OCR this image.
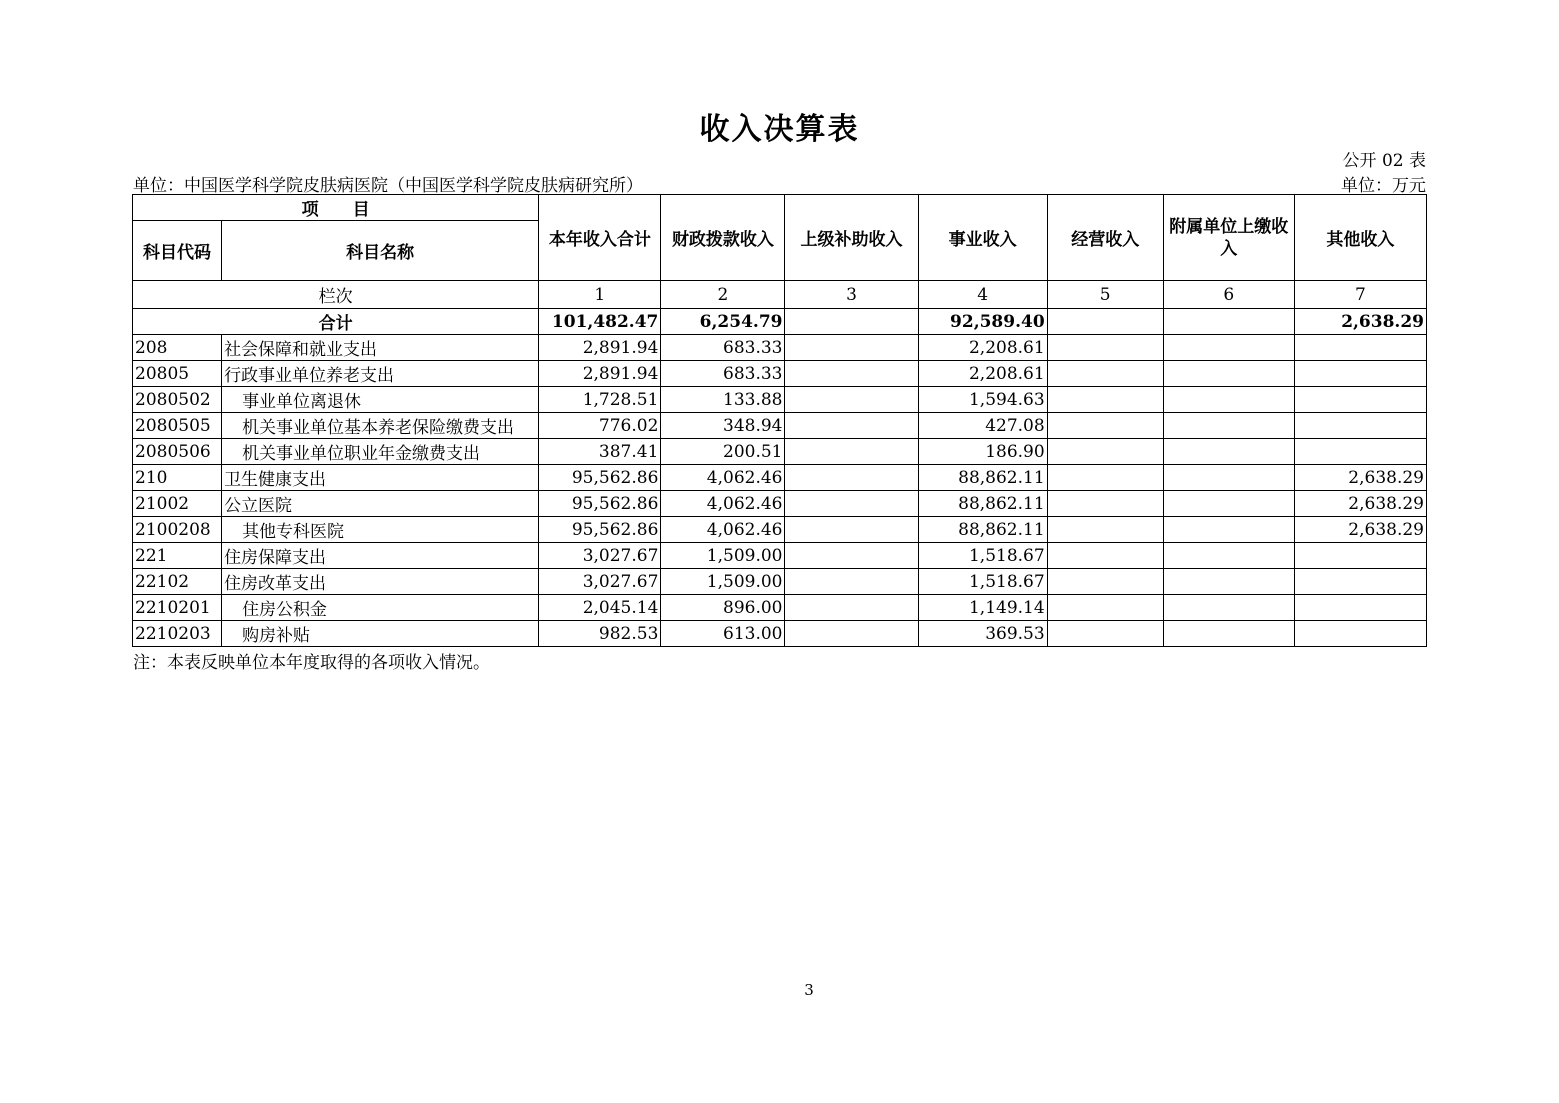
收入决算表
公开 02 表
单位：中国医学科学院皮肤病医院（中国医学科学院皮肤病研究所）	单位：万元
项　　目		本年收入合计	财政拨款收入	上级补助收入	事业收入	经营收入	附属单位上缴收入	其他收入
科目代码	科目名称							
栏次		1	2	3	4	5	6	7
合计		101,482.47	6,254.79		92,589.40			2,638.29
208	社会保障和就业支出	2,891.94	683.33		2,208.61			
20805	行政事业单位养老支出	2,891.94	683.33		2,208.61			
2080502	事业单位离退休	1,728.51	133.88		1,594.63			
2080505	机关事业单位基本养老保险缴费支出	776.02	348.94		427.08			
2080506	机关事业单位职业年金缴费支出	387.41	200.51		186.90			
210	卫生健康支出	95,562.86	4,062.46		88,862.11			2,638.29
21002	公立医院	95,562.86	4,062.46		88,862.11			2,638.29
2100208	其他专科医院	95,562.86	4,062.46		88,862.11			2,638.29
221	住房保障支出	3,027.67	1,509.00		1,518.67			
22102	住房改革支出	3,027.67	1,509.00		1,518.67			
2210201	住房公积金	2,045.14	896.00		1,149.14			
2210203	购房补贴	982.53	613.00		369.53			
注：本表反映单位本年度取得的各项收入情况。
3
